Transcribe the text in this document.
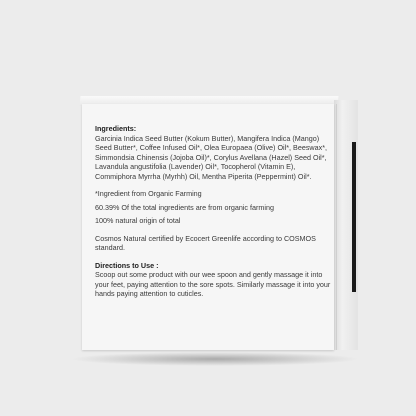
Ingredients:
Garcinia Indica Seed Butter (Kokum Butter), Mangifera Indica (Mango) Seed Butter*, Coffee Infused Oil*, Olea Europaea (Olive) Oil*, Beeswax*, Simmondsia Chinensis (Jojoba Oil)*, Corylus Avellana (Hazel) Seed Oil*, Lavandula angustifolia (Lavender) Oil*, Tocopherol (Vitamin E), Commiphora Myrrha (Myrhh) Oil, Mentha Piperita (Peppermint) Oil*.

*Ingredient from Organic Farming

60.39% Of the total ingredients are from organic farming

100% natural origin of total

Cosmos Natural certified by Ecocert Greenlife according to COSMOS standard.

Directions to Use :
Scoop out some product with our wee spoon and gently massage it into your feet, paying attention to the sore spots. Similarly massage it into your hands paying attention to cuticles.
